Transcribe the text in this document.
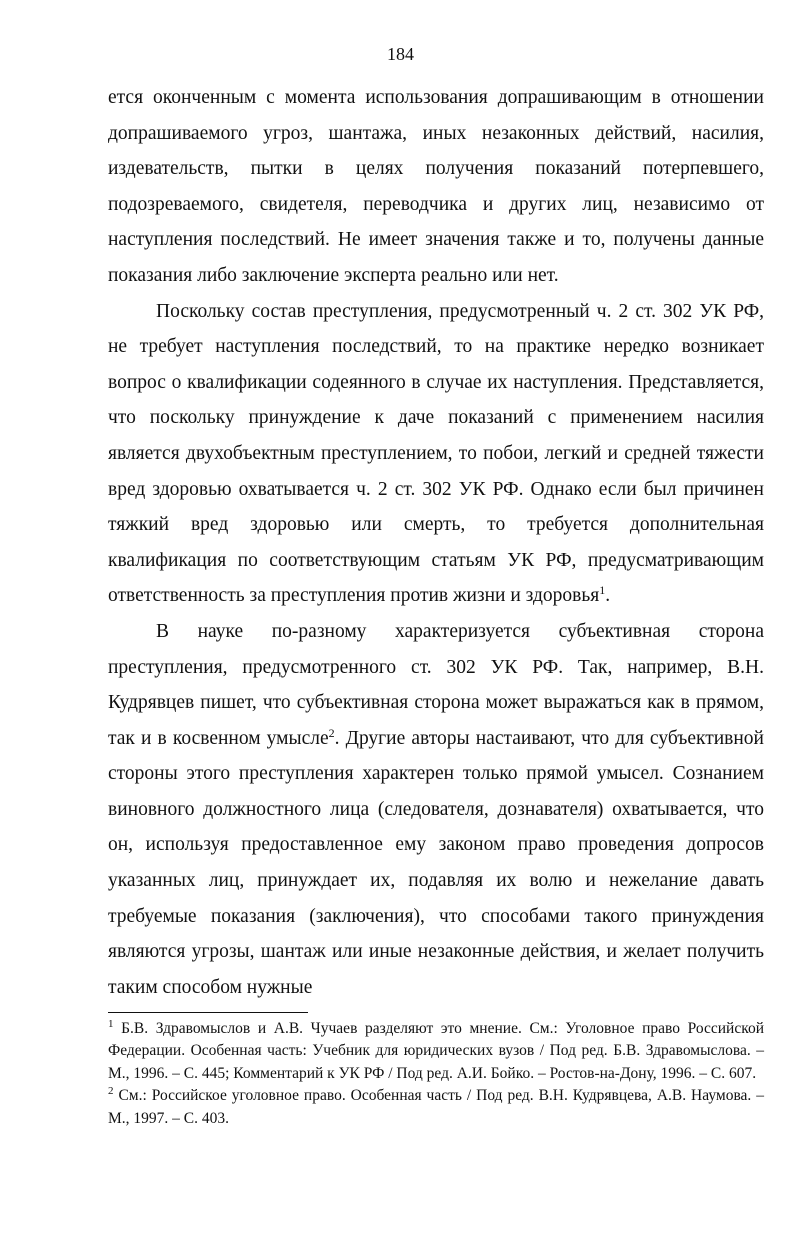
184

ется оконченным с момента использования допрашивающим в отношении допрашиваемого угроз, шантажа, иных незаконных действий, насилия, издевательств, пытки в целях получения показаний потерпевшего, подозреваемого, свидетеля, переводчика и других лиц, независимо от наступления последствий. Не имеет значения также и то, получены данные показания либо заключение эксперта реально или нет.

Поскольку состав преступления, предусмотренный ч. 2 ст. 302 УК РФ, не требует наступления последствий, то на практике нередко возникает вопрос о квалификации содеянного в случае их наступления. Представляется, что поскольку принуждение к даче показаний с применением насилия является двухобъектным преступлением, то побои, легкий и средней тяжести вред здоровью охватывается ч. 2 ст. 302 УК РФ. Однако если был причинен тяжкий вред здоровью или смерть, то требуется дополнительная квалификация по соответствующим статьям УК РФ, предусматривающим ответственность за преступления против жизни и здоровья$^1$.

В науке по-разному характеризуется субъективная сторона преступления, предусмотренного ст. 302 УК РФ. Так, например, В.Н. Кудрявцев пишет, что субъективная сторона может выражаться как в прямом, так и в косвенном умысле$^2$. Другие авторы настаивают, что для субъективной стороны этого преступления характерен только прямой умысел. Сознанием виновного должностного лица (следователя, дознавателя) охватывается, что он, используя предоставленное ему законом право проведения допросов указанных лиц, принуждает их, подавляя их волю и нежелание давать требуемые показания (заключения), что способами такого принуждения являются угрозы, шантаж или иные незаконные действия, и желает получить таким способом нужные

$^1$ Б.В. Здравомыслов и А.В. Чучаев разделяют это мнение. См.: Уголовное право Российской Федерации. Особенная часть: Учебник для юридических вузов / Под ред. Б.В. Здравомыслова. – М., 1996. – С. 445; Комментарий к УК РФ / Под ред. А.И. Бойко. – Ростов-на-Дону, 1996. – С. 607.

$^2$ См.: Российское уголовное право. Особенная часть / Под ред. В.Н. Кудрявцева, А.В. Наумова. – М., 1997. – С. 403.
